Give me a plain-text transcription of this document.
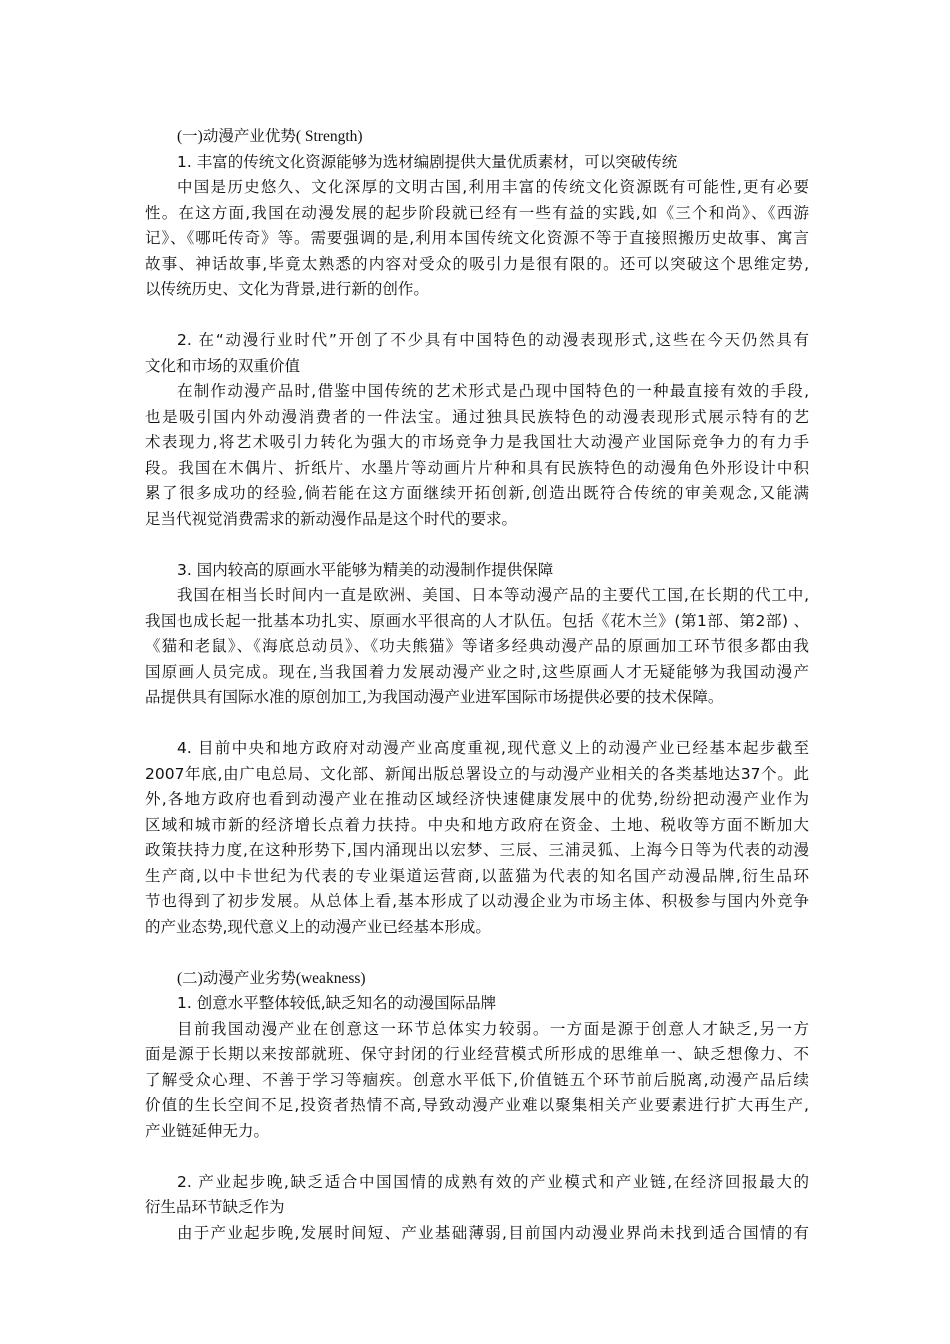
(一)动漫产业优势( Strength)
1. 丰富的传统文化资源能够为选材编剧提供大量优质素材，可以突破传统
中国是历史悠久、文化深厚的文明古国,利用丰富的传统文化资源既有可能性,更有必要
性。在这方面,我国在动漫发展的起步阶段就已经有一些有益的实践,如《三个和尚》、《西游
记》、《哪吒传奇》等。需要强调的是,利用本国传统文化资源不等于直接照搬历史故事、寓言
故事、神话故事,毕竟太熟悉的内容对受众的吸引力是很有限的。还可以突破这个思维定势,
以传统历史、文化为背景,进行新的创作。
2. 在“动漫行业时代”开创了不少具有中国特色的动漫表现形式,这些在今天仍然具有
文化和市场的双重价值
在制作动漫产品时,借鉴中国传统的艺术形式是凸现中国特色的一种最直接有效的手段,
也是吸引国内外动漫消费者的一件法宝。通过独具民族特色的动漫表现形式展示特有的艺
术表现力,将艺术吸引力转化为强大的市场竞争力是我国壮大动漫产业国际竞争力的有力手
段。我国在木偶片、折纸片、水墨片等动画片片种和具有民族特色的动漫角色外形设计中积
累了很多成功的经验,倘若能在这方面继续开拓创新,创造出既符合传统的审美观念,又能满
足当代视觉消费需求的新动漫作品是这个时代的要求。
3. 国内较高的原画水平能够为精美的动漫制作提供保障
我国在相当长时间内一直是欧洲、美国、日本等动漫产品的主要代工国,在长期的代工中,
我国也成长起一批基本功扎实、原画水平很高的人才队伍。包括《花木兰》(第1部、第2部) 、
《猫和老鼠》、《海底总动员》、《功夫熊猫》等诸多经典动漫产品的原画加工环节很多都由我
国原画人员完成。现在,当我国着力发展动漫产业之时,这些原画人才无疑能够为我国动漫产
品提供具有国际水准的原创加工,为我国动漫产业进军国际市场提供必要的技术保障。
4. 目前中央和地方政府对动漫产业高度重视,现代意义上的动漫产业已经基本起步截至
2007年底,由广电总局、文化部、新闻出版总署设立的与动漫产业相关的各类基地达37个。此
外,各地方政府也看到动漫产业在推动区域经济快速健康发展中的优势,纷纷把动漫产业作为
区域和城市新的经济增长点着力扶持。中央和地方政府在资金、土地、税收等方面不断加大
政策扶持力度,在这种形势下,国内涌现出以宏梦、三辰、三浦灵狐、上海今日等为代表的动漫
生产商,以中卡世纪为代表的专业渠道运营商,以蓝猫为代表的知名国产动漫品牌,衍生品环
节也得到了初步发展。从总体上看,基本形成了以动漫企业为市场主体、积极参与国内外竞争
的产业态势,现代意义上的动漫产业已经基本形成。
(二)动漫产业劣势(weakness)
1. 创意水平整体较低,缺乏知名的动漫国际品牌
目前我国动漫产业在创意这一环节总体实力较弱。一方面是源于创意人才缺乏,另一方
面是源于长期以来按部就班、保守封闭的行业经营模式所形成的思维单一、缺乏想像力、不
了解受众心理、不善于学习等痼疾。创意水平低下,价值链五个环节前后脱离,动漫产品后续
价值的生长空间不足,投资者热情不高,导致动漫产业难以聚集相关产业要素进行扩大再生产,
产业链延伸无力。
2. 产业起步晚,缺乏适合中国国情的成熟有效的产业模式和产业链,在经济回报最大的
衍生品环节缺乏作为
由于产业起步晚,发展时间短、产业基础薄弱,目前国内动漫业界尚未找到适合国情的有
